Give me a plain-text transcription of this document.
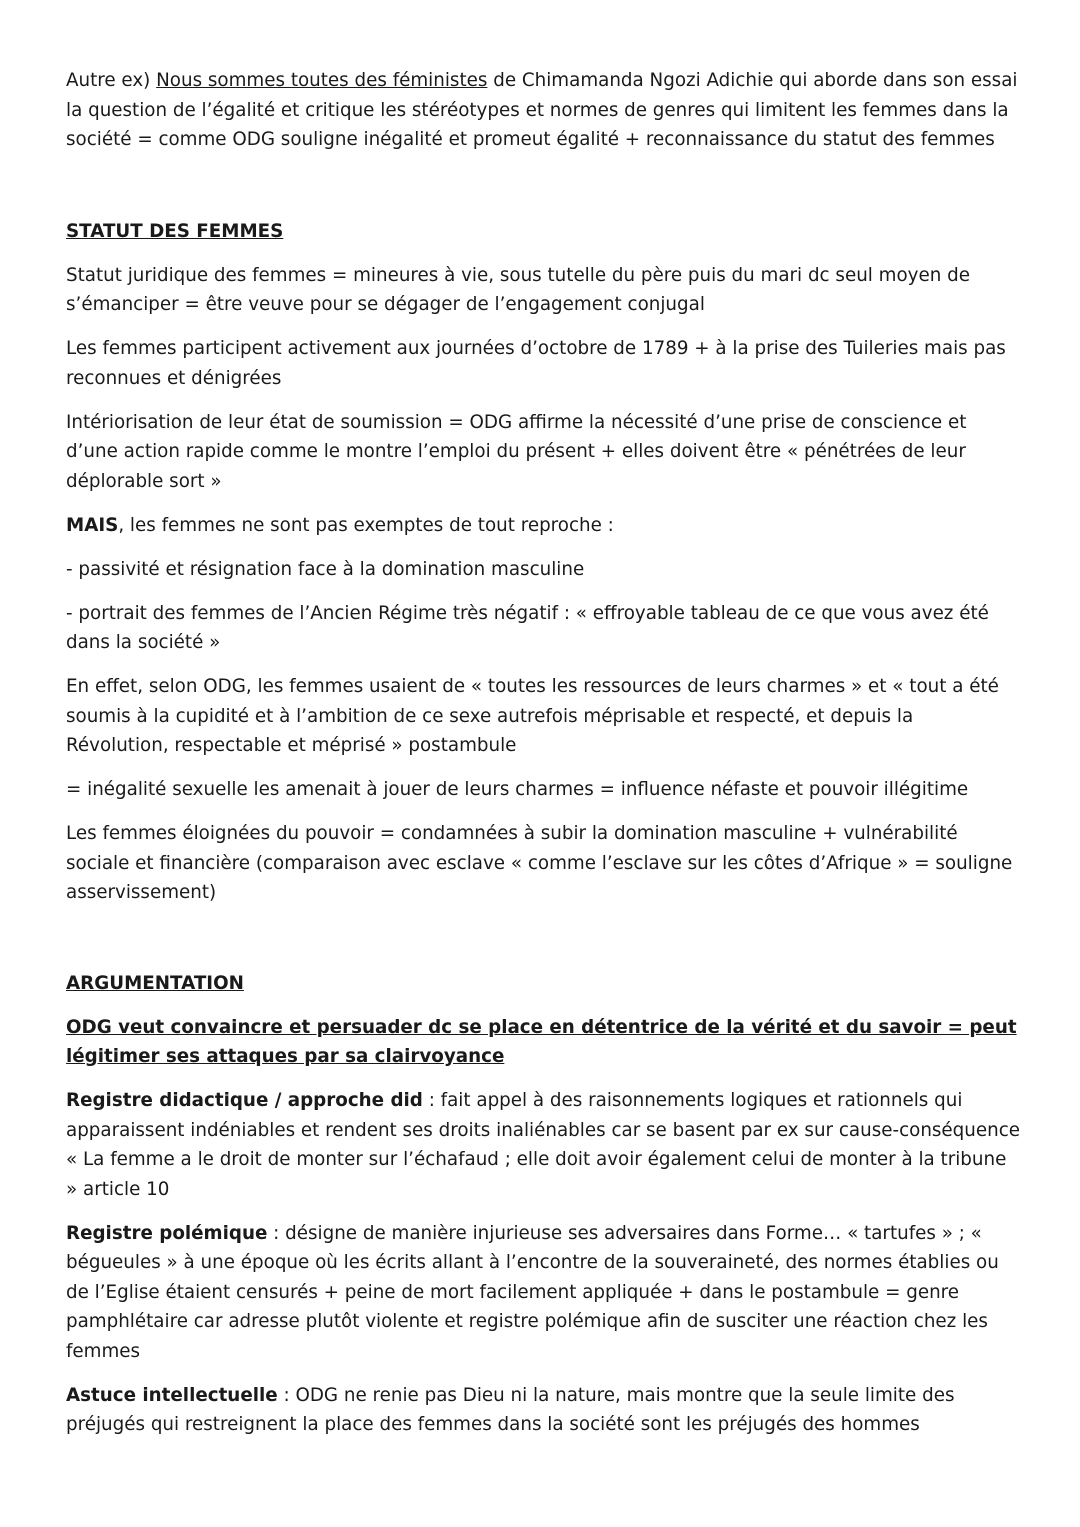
Autre ex) Nous sommes toutes des féministes de Chimamanda Ngozi Adichie qui aborde dans son essai la question de l’égalité et critique les stéréotypes et normes de genres qui limitent les femmes dans la société = comme ODG souligne inégalité et promeut égalité + reconnaissance du statut des femmes

STATUT DES FEMMES

Statut juridique des femmes = mineures à vie, sous tutelle du père puis du mari dc seul moyen de s’émanciper = être veuve pour se dégager de l’engagement conjugal

Les femmes participent activement aux journées d’octobre de 1789 + à la prise des Tuileries mais pas reconnues et dénigrées

Intériorisation de leur état de soumission = ODG affirme la nécessité d’une prise de conscience et d’une action rapide comme le montre l’emploi du présent + elles doivent être « pénétrées de leur déplorable sort »

MAIS, les femmes ne sont pas exemptes de tout reproche :

- passivité et résignation face à la domination masculine

- portrait des femmes de l’Ancien Régime très négatif : « effroyable tableau de ce que vous avez été dans la société »

En effet, selon ODG, les femmes usaient de « toutes les ressources de leurs charmes » et « tout a été soumis à la cupidité et à l’ambition de ce sexe autrefois méprisable et respecté, et depuis la Révolution, respectable et méprisé » postambule

= inégalité sexuelle les amenait à jouer de leurs charmes = influence néfaste et pouvoir illégitime

Les femmes éloignées du pouvoir = condamnées à subir la domination masculine + vulnérabilité sociale et financière (comparaison avec esclave « comme l’esclave sur les côtes d’Afrique » = souligne asservissement)

ARGUMENTATION

ODG veut convaincre et persuader dc se place en détentrice de la vérité et du savoir = peut légitimer ses attaques par sa clairvoyance

Registre didactique / approche did : fait appel à des raisonnements logiques et rationnels qui apparaissent indéniables et rendent ses droits inaliénables car se basent par ex sur cause-conséquence « La femme a le droit de monter sur l’échafaud ; elle doit avoir également celui de monter à la tribune » article 10

Registre polémique : désigne de manière injurieuse ses adversaires dans Forme… « tartufes » ; « bégueules » à une époque où les écrits allant à l’encontre de la souveraineté, des normes établies ou de l’Eglise étaient censurés + peine de mort facilement appliquée + dans le postambule = genre pamphlétaire car adresse plutôt violente et registre polémique afin de susciter une réaction chez les femmes

Astuce intellectuelle : ODG ne renie pas Dieu ni la nature, mais montre que la seule limite des préjugés qui restreignent la place des femmes dans la société sont les préjugés des hommes
